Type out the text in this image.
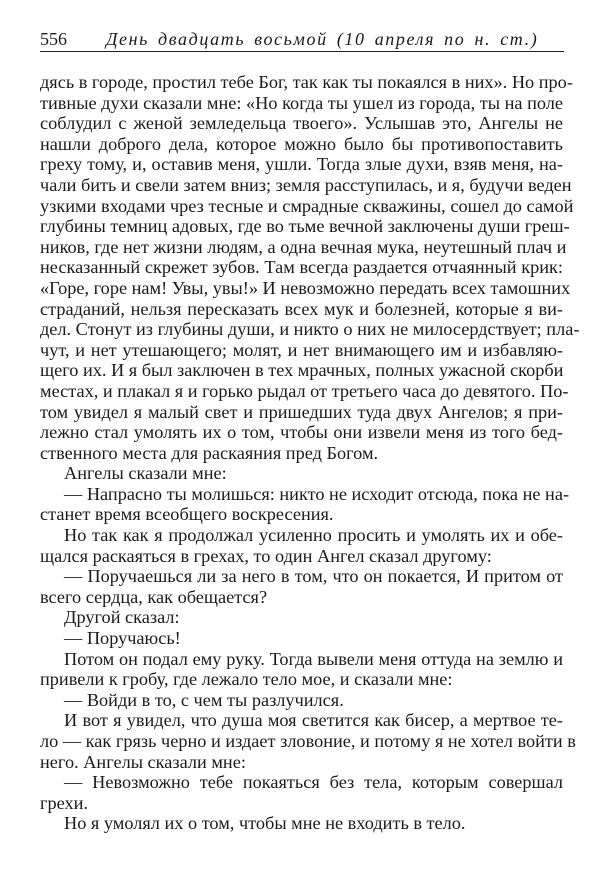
556 День двадцать восьмой (10 апреля по н. ст.)
дясь в городе, простил тебе Бог, так как ты покаялся в них». Но про-
тивные духи сказали мне: «Но когда ты ушел из города, ты на поле
соблудил с женой земледельца твоего». Услышав это, Ангелы не
нашли доброго дела, которое можно было бы противопоставить
греху тому, и, оставив меня, ушли. Тогда злые духи, взяв меня, на-
чали бить и свели затем вниз; земля расступилась, и я, будучи веден
узкими входами чрез тесные и смрадные скважины, сошел до самой
глубины темниц адовых, где во тьме вечной заключены души греш-
ников, где нет жизни людям, а одна вечная мука, неутешный плач и
несказанный скрежет зубов. Там всегда раздается отчаянный крик:
«Горе, горе нам! Увы, увы!» И невозможно передать всех тамошних
страданий, нельзя пересказать всех мук и болезней, которые я ви-
дел. Стонут из глубины души, и никто о них не милосердствует; пла-
чут, и нет утешающего; молят, и нет внимающего им и избавляю-
щего их. И я был заключен в тех мрачных, полных ужасной скорби
местах, и плакал я и горько рыдал от третьего часа до девятого. По-
том увидел я малый свет и пришедших туда двух Ангелов; я при-
лежно стал умолять их о том, чтобы они извели меня из того бед-
ственного места для раскаяния пред Богом.
Ангелы сказали мне:
— Напрасно ты молишься: никто не исходит отсюда, пока не на-
станет время всеобщего воскресения.
Но так как я продолжал усиленно просить и умолять их и обе-
щался раскаяться в грехах, то один Ангел сказал другому:
— Поручаешься ли за него в том, что он покается, И притом от
всего сердца, как обещается?
Другой сказал:
— Поручаюсь!
Потом он подал ему руку. Тогда вывели меня оттуда на землю и
привели к гробу, где лежало тело мое, и сказали мне:
— Войди в то, с чем ты разлучился.
И вот я увидел, что душа моя светится как бисер, а мертвое те-
ло — как грязь черно и издает зловоние, и потому я не хотел войти в
него. Ангелы сказали мне:
— Невозможно тебе покаяться без тела, которым совершал
грехи.
Но я умолял их о том, чтобы мне не входить в тело.
